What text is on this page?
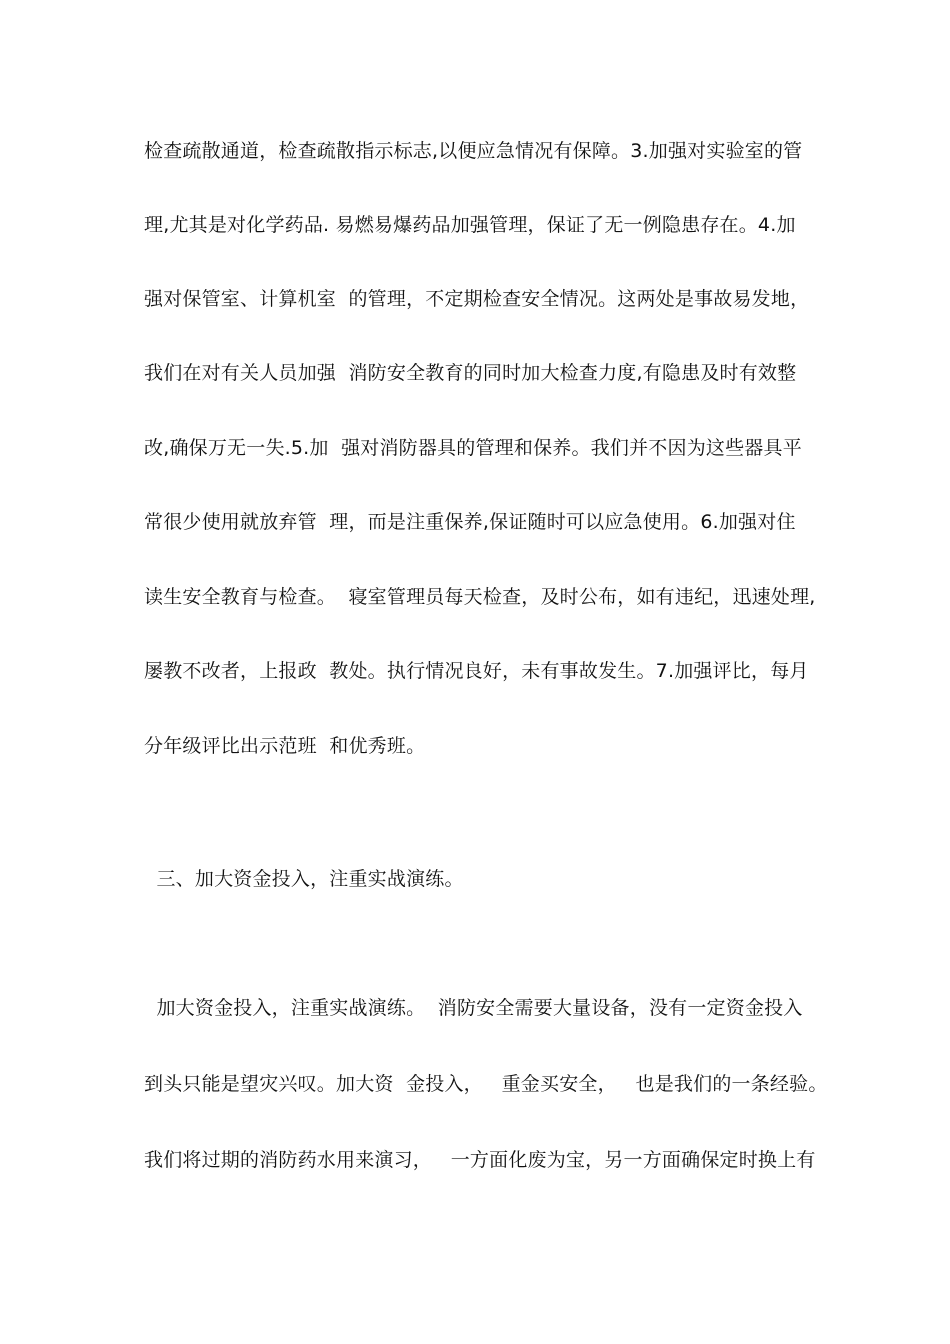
检查疏散通道，检查疏散指示标志,以便应急情况有保障。3.加强对实验室的管
理,尤其是对化学药品. 易燃易爆药品加强管理，保证了无一例隐患存在。4.加
强对保管室、计算机室  的管理，不定期检查安全情况。这两处是事故易发地，
我们在对有关人员加强  消防安全教育的同时加大检查力度,有隐患及时有效整
改,确保万无一失.5.加  强对消防器具的管理和保养。我们并不因为这些器具平
常很少使用就放弃管  理，而是注重保养,保证随时可以应急使用。6.加强对住
读生安全教育与检查。  寝室管理员每天检查，及时公布，如有违纪，迅速处理,
屡教不改者，上报政  教处。执行情况良好，未有事故发生。7.加强评比，每月
分年级评比出示范班  和优秀班。
三、加大资金投入，注重实战演练。
加大资金投入，注重实战演练。  消防安全需要大量设备，没有一定资金投入
到头只能是望灾兴叹。加大资  金投入，   重金买安全，   也是我们的一条经验。
我们将过期的消防药水用来演习，   一方面化废为宝，另一方面确保定时换上有
